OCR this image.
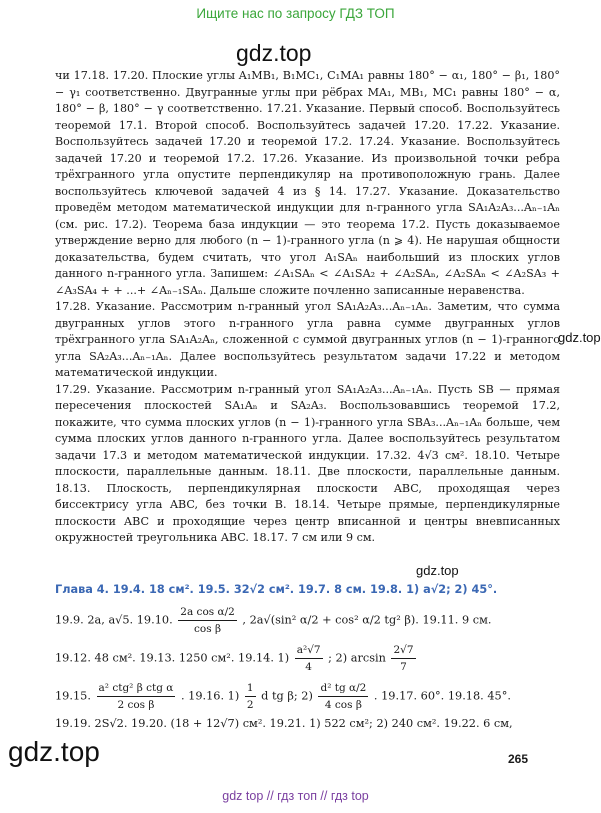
Ищите нас по запросу ГДЗ ТОП
gdz.top
gdz.top
gdz.top
gdz.top

чи 17.18. 17.20. Плоские углы A₁MB₁, B₁MC₁, C₁MA₁ равны 180° − α₁, 180° − β₁, 180° − γ₁ соответственно. Двугранные углы при рёбрах MA₁, MB₁, MC₁ равны 180° − α, 180° − β, 180° − γ соответственно. 17.21. Указание. Первый способ. Воспользуйтесь теоремой 17.1. Второй способ. Воспользуйтесь задачей 17.20. 17.22. Указание. Воспользуйтесь задачей 17.20 и теоремой 17.2. 17.24. Указание. Воспользуйтесь задачей 17.20 и теоремой 17.2. 17.26. Указание. Из произвольной точки ребра трёхгранного угла опустите перпендикуляр на противоположную грань. Далее воспользуйтесь ключевой задачей 4 из § 14. 17.27. Указание. Доказательство проведём методом математической индукции для n-гранного угла SA₁A₂A₃...Aₙ₋₁Aₙ (см. рис. 17.2). Теорема база индукции — это теорема 17.2. Пусть доказываемое утверждение верно для любого (n − 1)-гранного угла (n ⩾ 4). Не нарушая общности доказательства, будем считать, что угол A₁SAₙ наибольший из плоских углов данного n-гранного угла. Запишем: ∠A₁SAₙ < ∠A₁SA₂ + ∠A₂SAₙ, ∠A₂SAₙ < ∠A₂SA₃ + ∠A₃SA₄ + + ...+ ∠Aₙ₋₁SAₙ. Дальше сложите почленно записанные неравенства.

17.28. Указание. Рассмотрим n-гранный угол SA₁A₂A₃...Aₙ₋₁Aₙ. Заметим, что сумма двугранных углов этого n-гранного угла равна сумме двугранных углов трёхгранного угла SA₁A₂Aₙ, сложенной с суммой двугранных углов (n − 1)-гранного угла SA₂A₃...Aₙ₋₁Aₙ. Далее воспользуйтесь результатом задачи 17.22 и методом математической индукции.

17.29. Указание. Рассмотрим n-гранный угол SA₁A₂A₃...Aₙ₋₁Aₙ. Пусть SB — прямая пересечения плоскостей SA₁Aₙ и SA₂A₃. Воспользовавшись теоремой 17.2, покажите, что сумма плоских углов (n − 1)-гранного угла SBA₃...Aₙ₋₁Aₙ больше, чем сумма плоских углов данного n-гранного угла. Далее воспользуйтесь результатом задачи 17.3 и методом математической индукции. 17.32. 4√3 см². 18.10. Четыре плоскости, параллельные данным. 18.11. Две плоскости, параллельные данным. 18.13. Плоскость, перпендикулярная плоскости ABC, проходящая через биссектрису угла ABC, без точки B. 18.14. Четыре прямые, перпендикулярные плоскости ABC и проходящие через центр вписанной и центры вневписанных окружностей треугольника ABC. 18.17. 7 см или 9 см.

Глава 4. 19.4. 18 см². 19.5. 32√2 см². 19.7. 8 см. 19.8. 1) a√2; 2) 45°.
19.9. 2a, a√5. 19.10. $\frac{\text{2a cos α/2}}{\text{cos β}}$ , 2a√(sin² α/2 + cos² α/2 tg² β). 19.11. 9 см.
19.12. 48 см². 19.13. 1250 см². 19.14. $1) \frac{\text{a²√7}}{4}$ ; 2) $\arcsin \frac{2√7}{7}$
19.15. $\frac{\text{a² ctg² β ctg α}}{\text{2 cos β}}$ . 19.16. $1) \frac{1}{2}$ d tg β; $2) \frac{\text{d² tg α/2}}{\text{4 cos β}}$ . 19.17. 60°. 19.18. 45°.
19.19. 2S√2. 19.20. (18 + 12√7) см². 19.21. 1) 522 см²; 2) 240 см². 19.22. 6 см,
265
gdz top // гдз топ // гдз top
